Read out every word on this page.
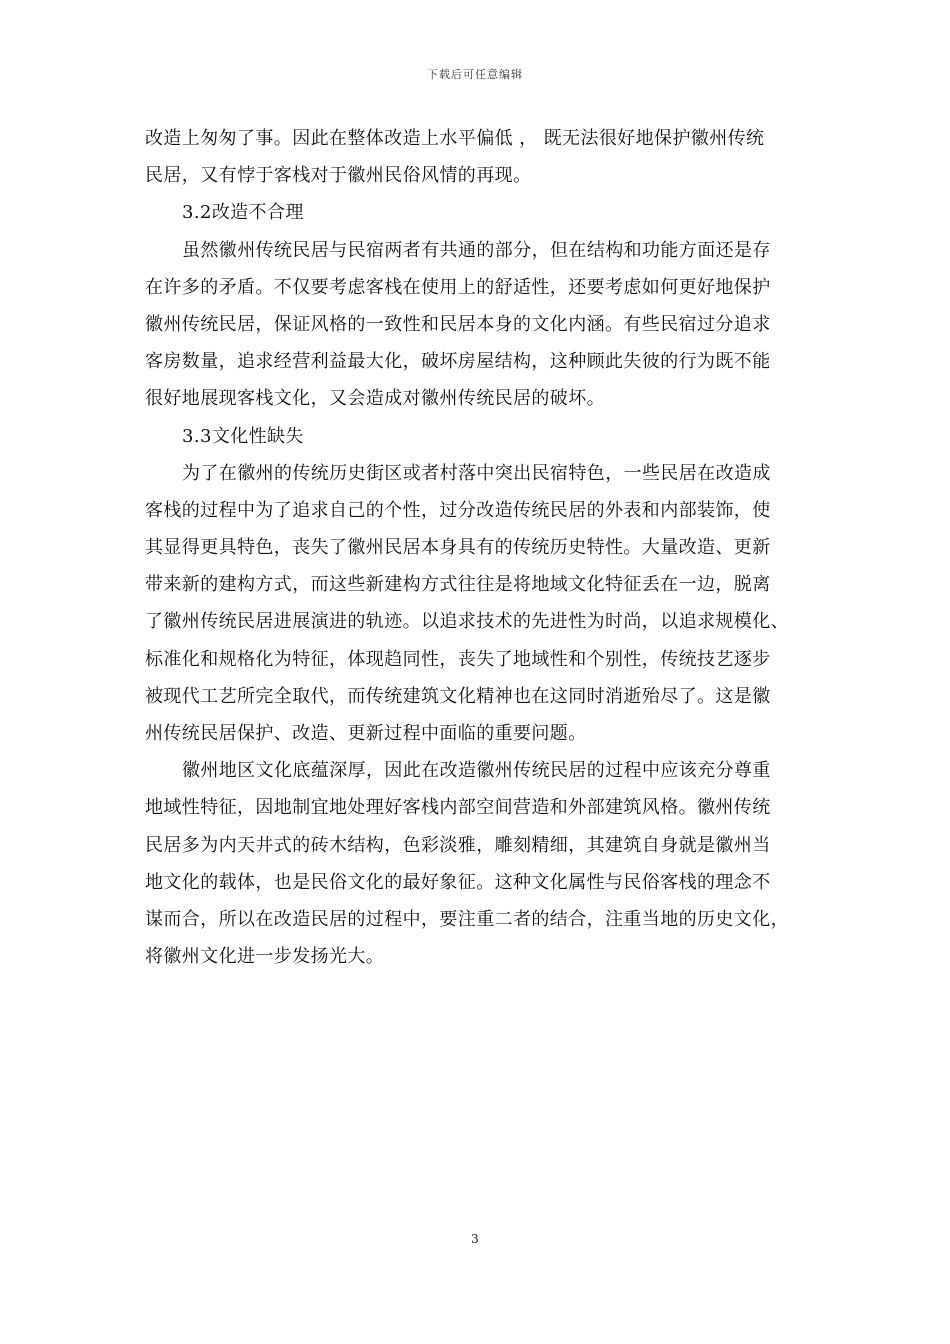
下载后可任意编辑
改造上匆匆了事。因此在整体改造上水平偏低 ， 既无法很好地保护徽州传统
民居，又有悖于客栈对于徽州民俗风情的再现。
3.2改造不合理
虽然徽州传统民居与民宿两者有共通的部分，但在结构和功能方面还是存
在许多的矛盾。不仅要考虑客栈在使用上的舒适性，还要考虑如何更好地保护
徽州传统民居，保证风格的一致性和民居本身的文化内涵。有些民宿过分追求
客房数量，追求经营利益最大化，破坏房屋结构，这种顾此失彼的行为既不能
很好地展现客栈文化，又会造成对徽州传统民居的破坏。
3.3文化性缺失
为了在徽州的传统历史街区或者村落中突出民宿特色，一些民居在改造成
客栈的过程中为了追求自己的个性，过分改造传统民居的外表和内部装饰，使
其显得更具特色，丧失了徽州民居本身具有的传统历史特性。大量改造、更新
带来新的建构方式，而这些新建构方式往往是将地域文化特征丢在一边，脱离
了徽州传统民居进展演进的轨迹。以追求技术的先进性为时尚，以追求规模化、
标准化和规格化为特征，体现趋同性，丧失了地域性和个别性，传统技艺逐步
被现代工艺所完全取代，而传统建筑文化精神也在这同时消逝殆尽了。这是徽
州传统民居保护、改造、更新过程中面临的重要问题。
徽州地区文化底蕴深厚，因此在改造徽州传统民居的过程中应该充分尊重
地域性特征，因地制宜地处理好客栈内部空间营造和外部建筑风格。徽州传统
民居多为内天井式的砖木结构，色彩淡雅，雕刻精细，其建筑自身就是徽州当
地文化的载体，也是民俗文化的最好象征。这种文化属性与民俗客栈的理念不
谋而合，所以在改造民居的过程中，要注重二者的结合，注重当地的历史文化，
将徽州文化进一步发扬光大。
3
